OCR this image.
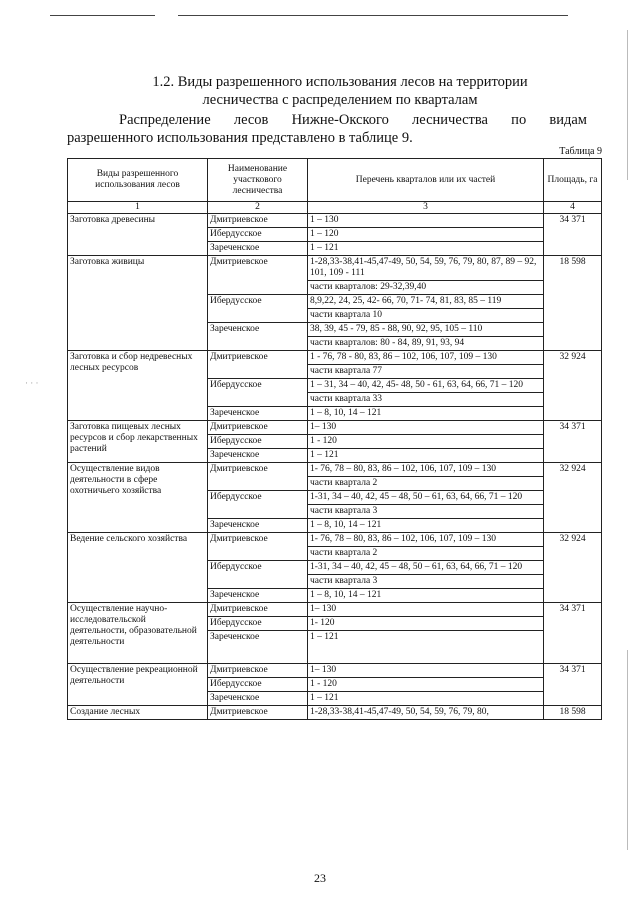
· · ·
1.2. Виды разрешенного использования лесов на территории
лесничества с распределением по кварталам
Распределение лесов Нижне-Окского лесничества по видам
разрешенного использования представлено в таблице 9.
Таблица 9
Виды разрешенного использования лесов	Наименование участкового лесничества	Перечень кварталов или их частей	Площадь, га
1	2	3	4
Заготовка древесины	Дмитриевское	1 – 130	34 371
	Ибердусское	1 – 120	
	Зареченское	1 – 121	
Заготовка живицы	Дмитриевское	1-28,33-38,41-45,47-49, 50, 54, 59, 76, 79, 80, 87, 89 – 92, 101, 109 - 111	18 598
		части кварталов: 29-32,39,40	
	Ибердусское	8,9,22, 24, 25, 42- 66, 70, 71- 74, 81, 83, 85 – 119	
		части квартала 10	
	Зареченское	38, 39, 45 - 79, 85 - 88, 90, 92, 95, 105 – 110	
		части кварталов: 80 - 84, 89, 91, 93, 94	
Заготовка и сбор недревесных лесных ресурсов	Дмитриевское	1 - 76, 78 - 80, 83, 86 – 102, 106, 107, 109 – 130	32 924
		части квартала 77	
	Ибердусское	1 – 31, 34 – 40, 42, 45- 48, 50 - 61, 63, 64, 66, 71 – 120	
		части квартала 33	
	Зареченское	1 – 8, 10, 14 – 121	
Заготовка пищевых лесных ресурсов и сбор лекарственных растений	Дмитриевское	1– 130	34 371
	Ибердусское	1 - 120	
	Зареченское	1 – 121	
Осуществление видов деятельности в сфере охотничьего хозяйства	Дмитриевское	1- 76, 78 – 80, 83, 86 – 102, 106, 107, 109 – 130	32 924
		части квартала 2	
	Ибердусское	1-31, 34 – 40, 42, 45 – 48, 50 – 61, 63, 64, 66, 71 – 120	
		части квартала 3	
	Зареченское	1 – 8, 10, 14 – 121	
Ведение сельского хозяйства	Дмитриевское	1- 76, 78 – 80, 83, 86 – 102, 106, 107, 109 – 130	32 924
		части квартала 2	
	Ибердусское	1-31, 34 – 40, 42, 45 – 48, 50 – 61, 63, 64, 66, 71 – 120	
		части квартала 3	
	Зареченское	1 – 8, 10, 14 – 121	
Осуществление научно-исследовательской деятельности, образовательной деятельности	Дмитриевское	1– 130	34 371
	Ибердусское	1- 120	
	Зареченское	1 – 121	
Осуществление рекреационной деятельности	Дмитриевское	1– 130	34 371
	Ибердусское	1 - 120	
	Зареченское	1 – 121	
Создание лесных	Дмитриевское	1-28,33-38,41-45,47-49, 50, 54, 59, 76, 79, 80,	18 598
23
